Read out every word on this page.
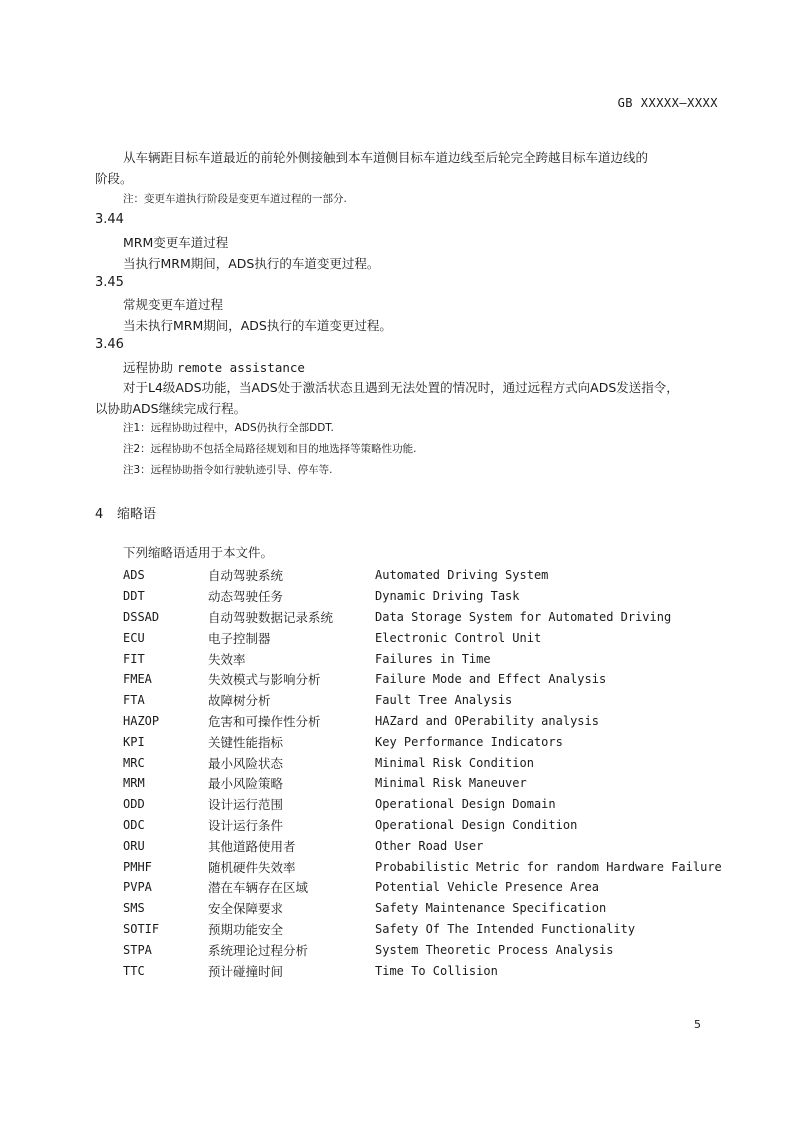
GB XXXXX—XXXX
从车辆距目标车道最近的前轮外侧接触到本车道侧目标车道边线至后轮完全跨越目标车道边线的
阶段。
注：变更车道执行阶段是变更车道过程的一部分.
3.44
MRM变更车道过程
当执行MRM期间，ADS执行的车道变更过程。
3.45
常规变更车道过程
当未执行MRM期间，ADS执行的车道变更过程。
3.46
远程协助 remote assistance
对于L4级ADS功能，当ADS处于激活状态且遇到无法处置的情况时，通过远程方式向ADS发送指令，
以协助ADS继续完成行程。
注1：远程协助过程中，ADS仍执行全部DDT.
注2：远程协助不包括全局路径规划和目的地选择等策略性功能.
注3：远程协助指令如行驶轨迹引导、停车等.
4 缩略语
下列缩略语适用于本文件。
ADS	自动驾驶系统	Automated Driving System
DDT	动态驾驶任务	Dynamic Driving Task
DSSAD	自动驾驶数据记录系统	Data Storage System for Automated Driving
ECU	电子控制器	Electronic Control Unit
FIT	失效率	Failures in Time
FMEA	失效模式与影响分析	Failure Mode and Effect Analysis
FTA	故障树分析	Fault Tree Analysis
HAZOP	危害和可操作性分析	HAZard and OPerability analysis
KPI	关键性能指标	Key Performance Indicators
MRC	最小风险状态	Minimal Risk Condition
MRM	最小风险策略	Minimal Risk Maneuver
ODD	设计运行范围	Operational Design Domain
ODC	设计运行条件	Operational Design Condition
ORU	其他道路使用者	Other Road User
PMHF	随机硬件失效率	Probabilistic Metric for random Hardware Failure
PVPA	潜在车辆存在区域	Potential Vehicle Presence Area
SMS	安全保障要求	Safety Maintenance Specification
SOTIF	预期功能安全	Safety Of The Intended Functionality
STPA	系统理论过程分析	System Theoretic Process Analysis
TTC	预计碰撞时间	Time To Collision
5
